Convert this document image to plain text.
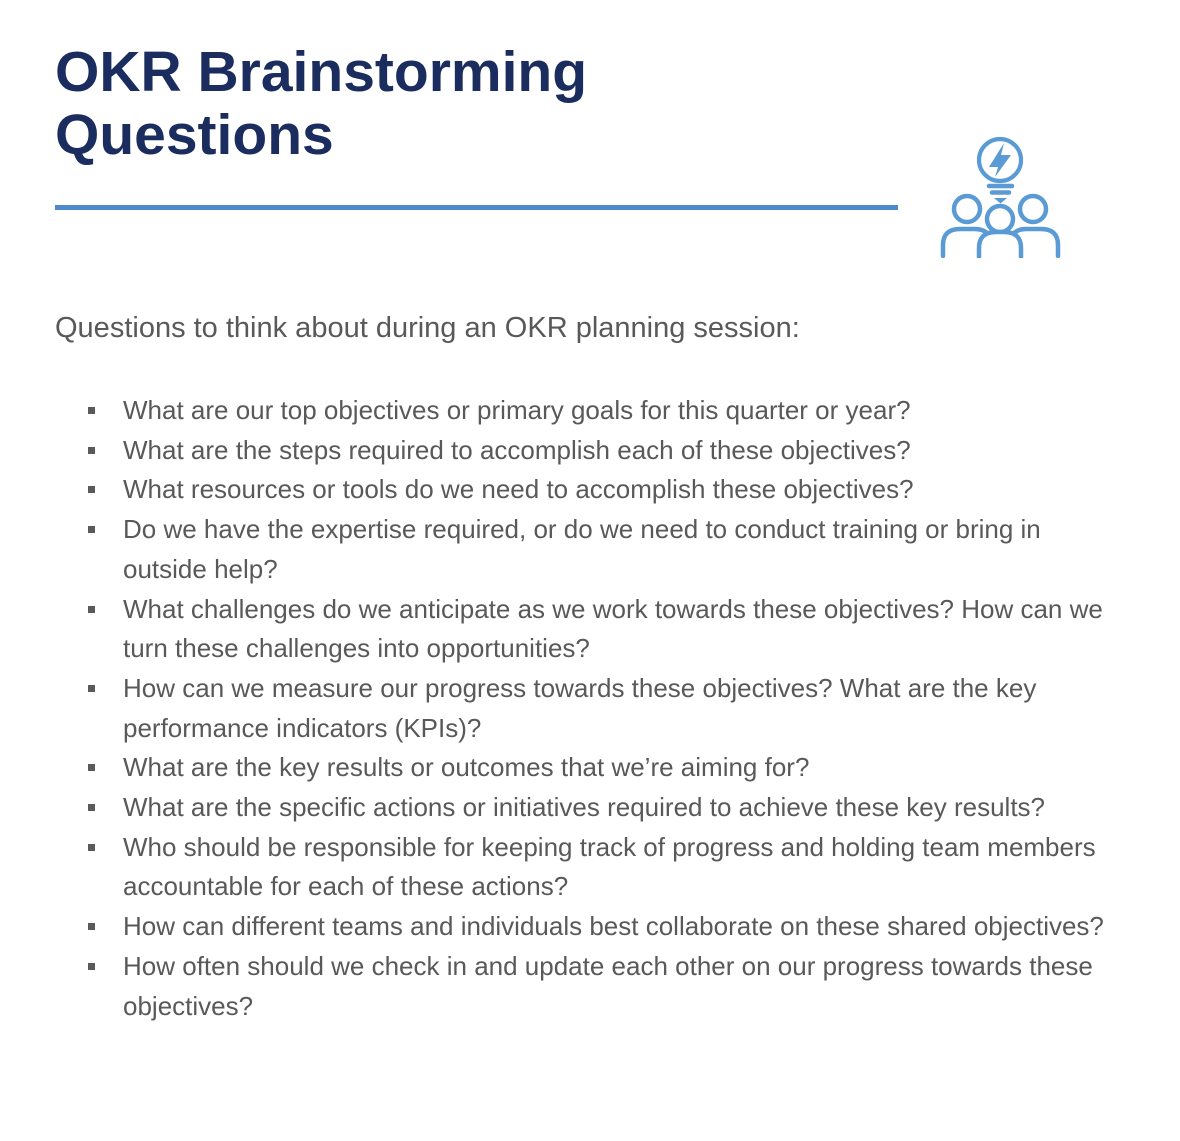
OKR Brainstorming Questions

Questions to think about during an OKR planning session:

What are our top objectives or primary goals for this quarter or year?
What are the steps required to accomplish each of these objectives?
What resources or tools do we need to accomplish these objectives?
Do we have the expertise required, or do we need to conduct training or bring in outside help?
What challenges do we anticipate as we work towards these objectives? How can we turn these challenges into opportunities?
How can we measure our progress towards these objectives? What are the key performance indicators (KPIs)?
What are the key results or outcomes that we’re aiming for?
What are the specific actions or initiatives required to achieve these key results?
Who should be responsible for keeping track of progress and holding team members accountable for each of these actions?
How can different teams and individuals best collaborate on these shared objectives?
How often should we check in and update each other on our progress towards these objectives?
